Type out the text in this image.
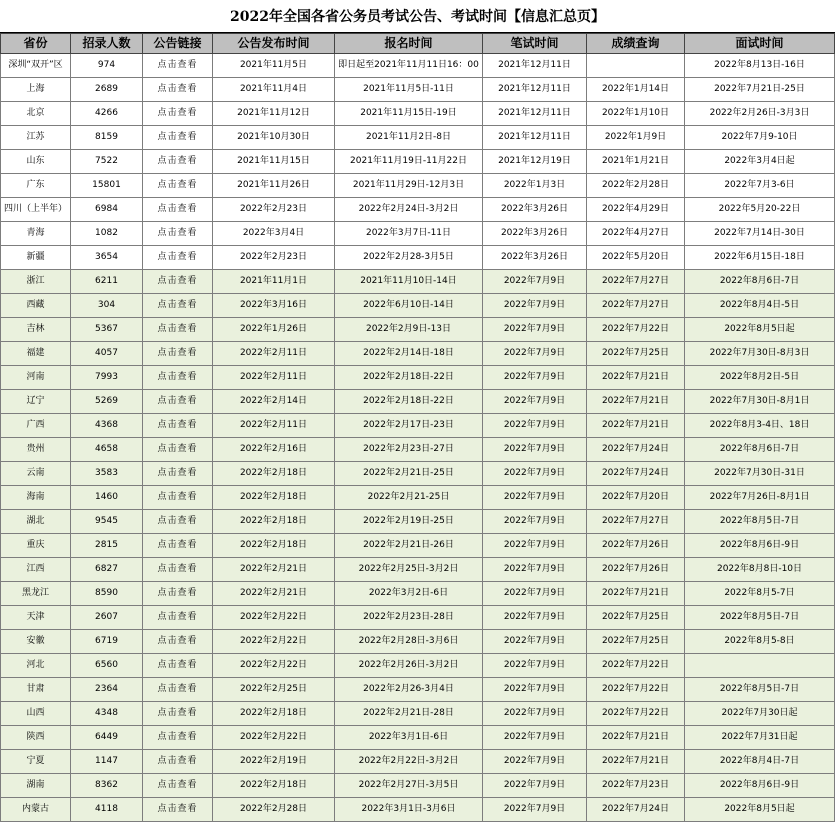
2022年全国各省公务员考试公告、考试时间【信息汇总页】
省份	招录人数	公告链接	公告发布时间	报名时间	笔试时间	成绩查询	面试时间
深圳“双开”区	974	点击查看	2021年11月5日	即日起至2021年11月11日16：00	2021年12月11日		2022年8月13日-16日
上海	2689	点击查看	2021年11月4日	2021年11月5日-11日	2021年12月11日	2022年1月14日	2022年7月21日-25日
北京	4266	点击查看	2021年11月12日	2021年11月15日-19日	2021年12月11日	2022年1月10日	2022年2月26日-3月3日
江苏	8159	点击查看	2021年10月30日	2021年11月2日-8日	2021年12月11日	2022年1月9日	2022年7月9-10日
山东	7522	点击查看	2021年11月15日	2021年11月19日-11月22日	2021年12月19日	2021年1月21日	2022年3月4日起
广东	15801	点击查看	2021年11月26日	2021年11月29日-12月3日	2022年1月3日	2022年2月28日	2022年7月3-6日
四川（上半年）	6984	点击查看	2022年2月23日	2022年2月24日-3月2日	2022年3月26日	2022年4月29日	2022年5月20-22日
青海	1082	点击查看	2022年3月4日	2022年3月7日-11日	2022年3月26日	2022年4月27日	2022年7月14日-30日
新疆	3654	点击查看	2022年2月23日	2022年2月28-3月5日	2022年3月26日	2022年5月20日	2022年6月15日-18日
浙江	6211	点击查看	2021年11月1日	2021年11月10日-14日	2022年7月9日	2022年7月27日	2022年8月6日-7日
西藏	304	点击查看	2022年3月16日	2022年6月10日-14日	2022年7月9日	2022年7月27日	2022年8月4日-5日
吉林	5367	点击查看	2022年1月26日	2022年2月9日-13日	2022年7月9日	2022年7月22日	2022年8月5日起
福建	4057	点击查看	2022年2月11日	2022年2月14日-18日	2022年7月9日	2022年7月25日	2022年7月30日-8月3日
河南	7993	点击查看	2022年2月11日	2022年2月18日-22日	2022年7月9日	2022年7月21日	2022年8月2日-5日
辽宁	5269	点击查看	2022年2月14日	2022年2月18日-22日	2022年7月9日	2022年7月21日	2022年7月30日-8月1日
广西	4368	点击查看	2022年2月11日	2022年2月17日-23日	2022年7月9日	2022年7月21日	2022年8月3-4日、18日
贵州	4658	点击查看	2022年2月16日	2022年2月23日-27日	2022年7月9日	2022年7月24日	2022年8月6日-7日
云南	3583	点击查看	2022年2月18日	2022年2月21日-25日	2022年7月9日	2022年7月24日	2022年7月30日-31日
海南	1460	点击查看	2022年2月18日	2022年2月21-25日	2022年7月9日	2022年7月20日	2022年7月26日-8月1日
湖北	9545	点击查看	2022年2月18日	2022年2月19日-25日	2022年7月9日	2022年7月27日	2022年8月5日-7日
重庆	2815	点击查看	2022年2月18日	2022年2月21日-26日	2022年7月9日	2022年7月26日	2022年8月6日-9日
江西	6827	点击查看	2022年2月21日	2022年2月25日-3月2日	2022年7月9日	2022年7月26日	2022年8月8日-10日
黑龙江	8590	点击查看	2022年2月21日	2022年3月2日-6日	2022年7月9日	2022年7月21日	2022年8月5-7日
天津	2607	点击查看	2022年2月22日	2022年2月23日-28日	2022年7月9日	2022年7月25日	2022年8月5日-7日
安徽	6719	点击查看	2022年2月22日	2022年2月28日-3月6日	2022年7月9日	2022年7月25日	2022年8月5-8日
河北	6560	点击查看	2022年2月22日	2022年2月26日-3月2日	2022年7月9日	2022年7月22日	
甘肃	2364	点击查看	2022年2月25日	2022年2月26-3月4日	2022年7月9日	2022年7月22日	2022年8月5日-7日
山西	4348	点击查看	2022年2月18日	2022年2月21日-28日	2022年7月9日	2022年7月22日	2022年7月30日起
陕西	6449	点击查看	2022年2月22日	2022年3月1日-6日	2022年7月9日	2022年7月21日	2022年7月31日起
宁夏	1147	点击查看	2022年2月19日	2022年2月22日-3月2日	2022年7月9日	2022年7月21日	2022年8月4日-7日
湖南	8362	点击查看	2022年2月18日	2022年2月27日-3月5日	2022年7月9日	2022年7月23日	2022年8月6日-9日
内蒙古	4118	点击查看	2022年2月28日	2022年3月1日-3月6日	2022年7月9日	2022年7月24日	2022年8月5日起
